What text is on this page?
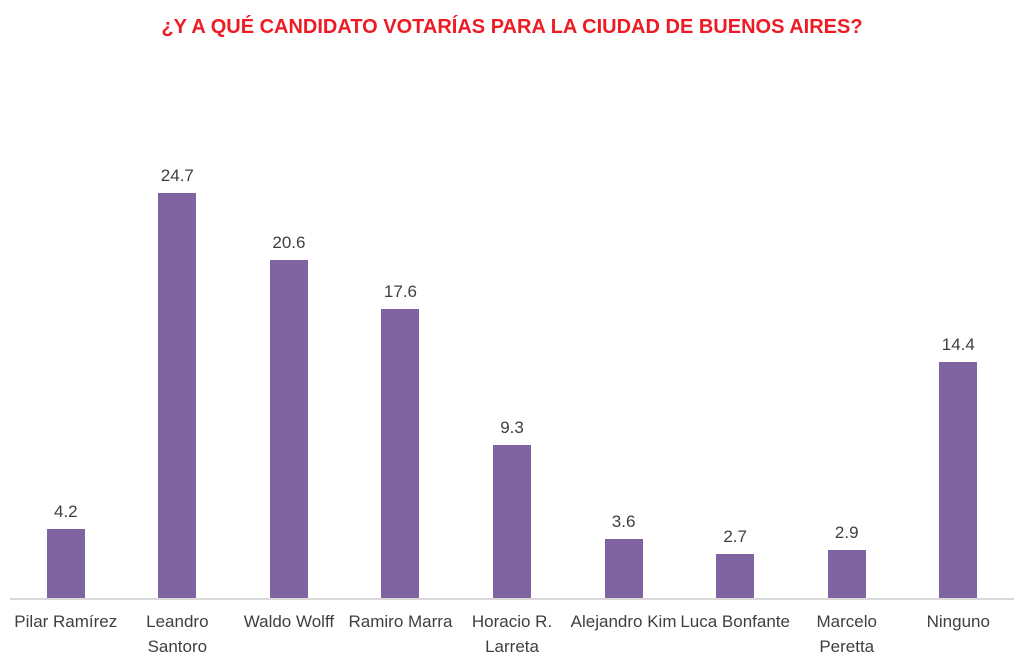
¿Y A QUÉ CANDIDATO VOTARÍAS PARA LA CIUDAD DE BUENOS AIRES?
4.2
24.7
20.6
17.6
9.3
3.6
2.7	2.9
14.4
Pilar Ramírez	Leandro Santoro
Waldo Wolff Ramiro Marra	Horacio R. Larreta
Alejandro Kim Luca Bonfante	Marcelo Peretta
Ninguno
